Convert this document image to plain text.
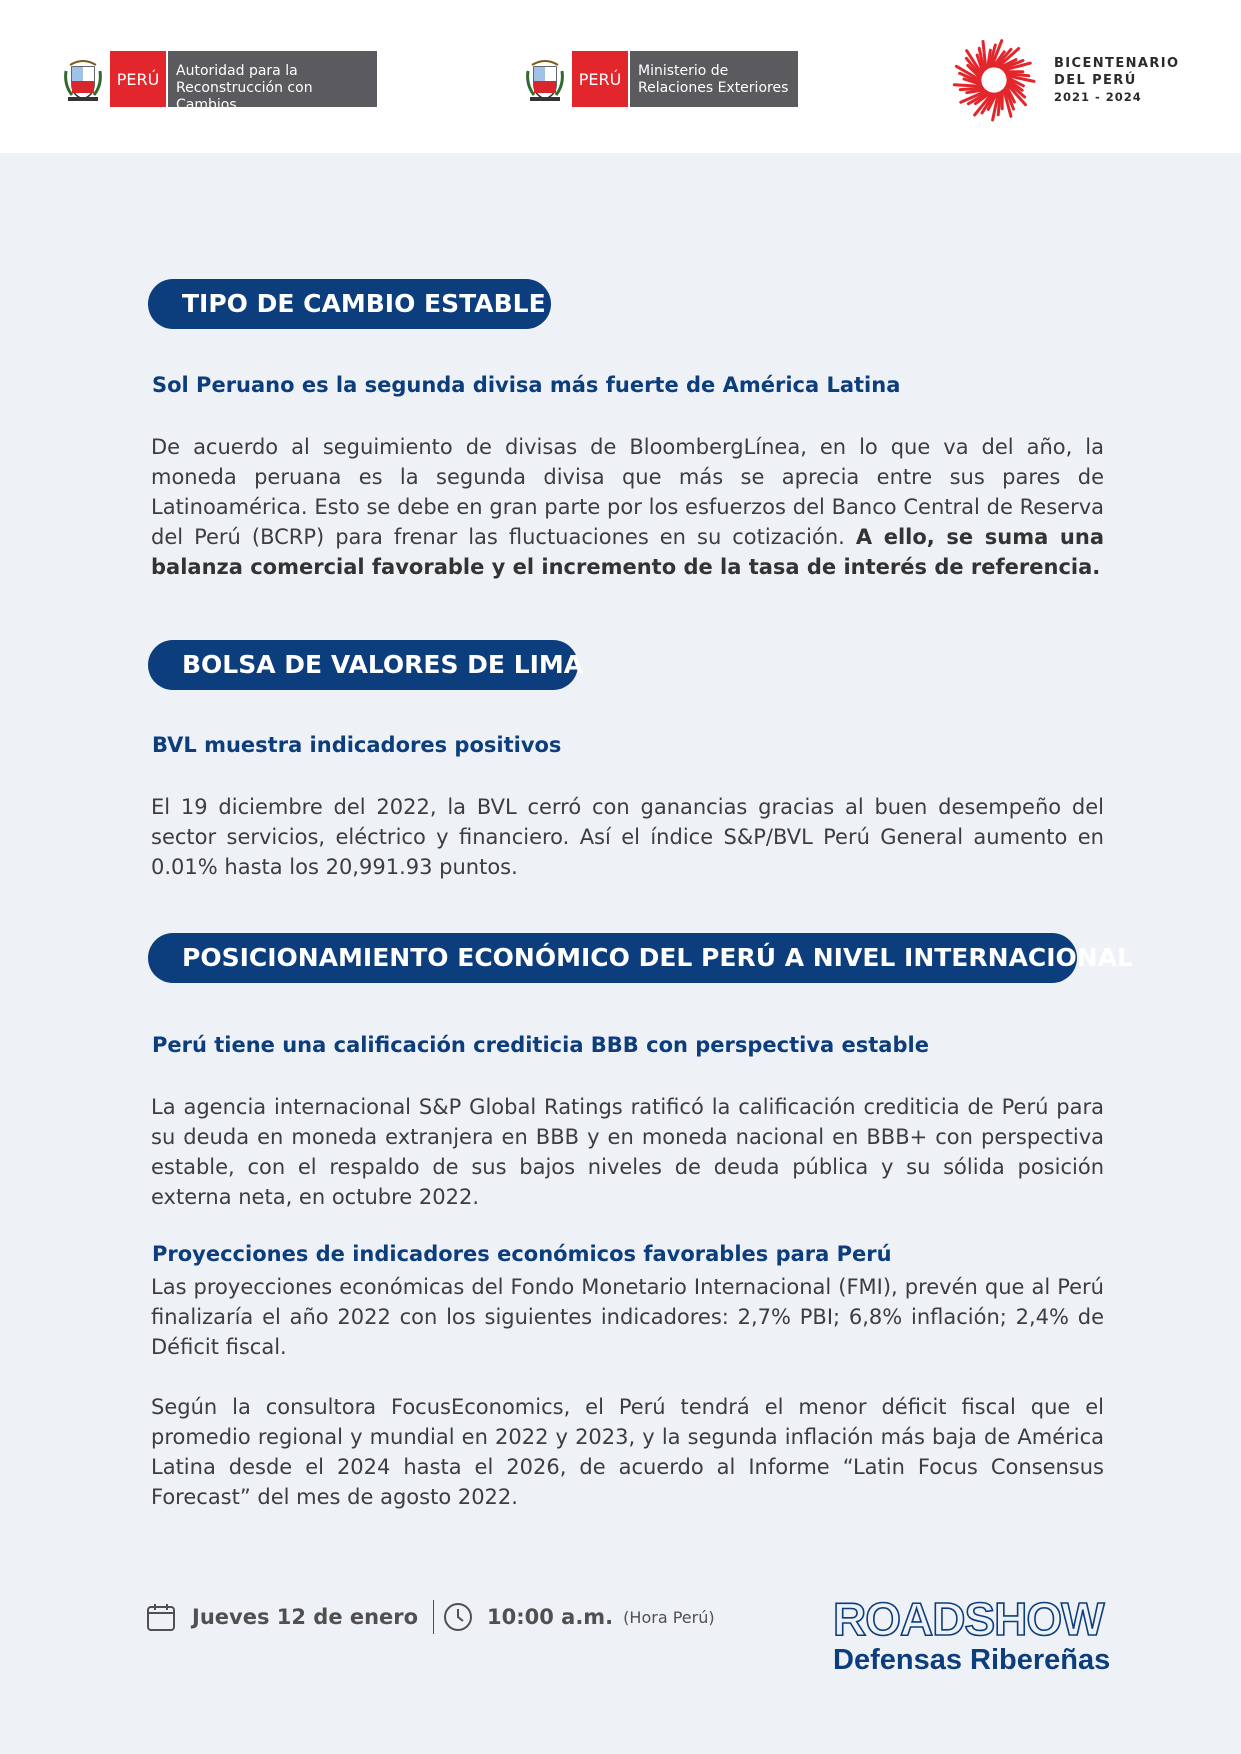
PERÚ	Autoridad para la
Reconstrucción con Cambios
PERÚ	Ministerio de
Relaciones Exteriores
BICENTENARIO
DEL PERÚ
2021 - 2024
TIPO DE CAMBIO ESTABLE
Sol Peruano es la segunda divisa más fuerte de América Latina
De acuerdo al seguimiento de divisas de BloombergLínea, en lo que va del año, la moneda peruana es la segunda divisa que más se aprecia entre sus pares de Latinoamérica. Esto se debe en gran parte por los esfuerzos del Banco Central de Reserva del Perú (BCRP) para frenar las fluctuaciones en su cotización. A ello, se suma una balanza comercial favorable y el incremento de la tasa de interés de referencia.
BOLSA DE VALORES DE LIMA
BVL muestra indicadores positivos
El 19 diciembre del 2022, la BVL cerró con ganancias gracias al buen desempeño del sector servicios, eléctrico y financiero. Así el índice S&P/BVL Perú General aumento en 0.01% hasta los 20,991.93 puntos.
POSICIONAMIENTO ECONÓMICO DEL PERÚ A NIVEL INTERNACIONAL
Perú tiene una calificación crediticia BBB con perspectiva estable
La agencia internacional S&P Global Ratings ratificó la calificación crediticia de Perú para su deuda en moneda extranjera en BBB y en moneda nacional en BBB+ con perspectiva estable, con el respaldo de sus bajos niveles de deuda pública y su sólida posición externa neta, en octubre 2022.
Proyecciones de indicadores económicos favorables para Perú
Las proyecciones económicas del Fondo Monetario Internacional (FMI), prevén que al Perú finalizaría el año 2022 con los siguientes indicadores: 2,7% PBI; 6,8% inflación; 2,4% de Déficit fiscal.
Según la consultora FocusEconomics, el Perú tendrá el menor déficit fiscal que el promedio regional y mundial en 2022 y 2023, y la segunda inflación más baja de América Latina desde el 2024 hasta el 2026, de acuerdo al Informe “Latin Focus Consensus Forecast” del mes de agosto 2022.
Jueves 12 de enero	10:00 a.m. (Hora Perú)	ROADSHOW
Defensas Ribereñas
